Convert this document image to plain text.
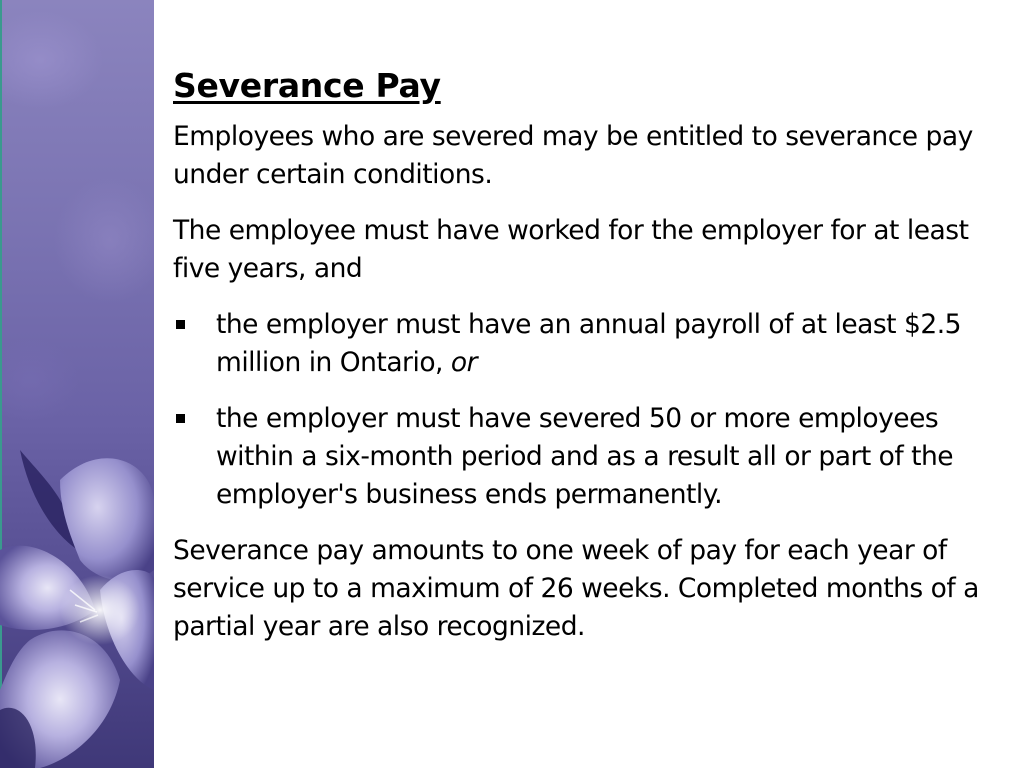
Severance Pay

Employees who are severed may be entitled to severance pay under certain conditions.

The employee must have worked for the employer for at least five years, and

the employer must have an annual payroll of at least $2.5 million in Ontario, or
the employer must have severed 50 or more employees within a six-month period and as a result all or part of the employer's business ends permanently.

Severance pay amounts to one week of pay for each year of service up to a maximum of 26 weeks. Completed months of a partial year are also recognized.
